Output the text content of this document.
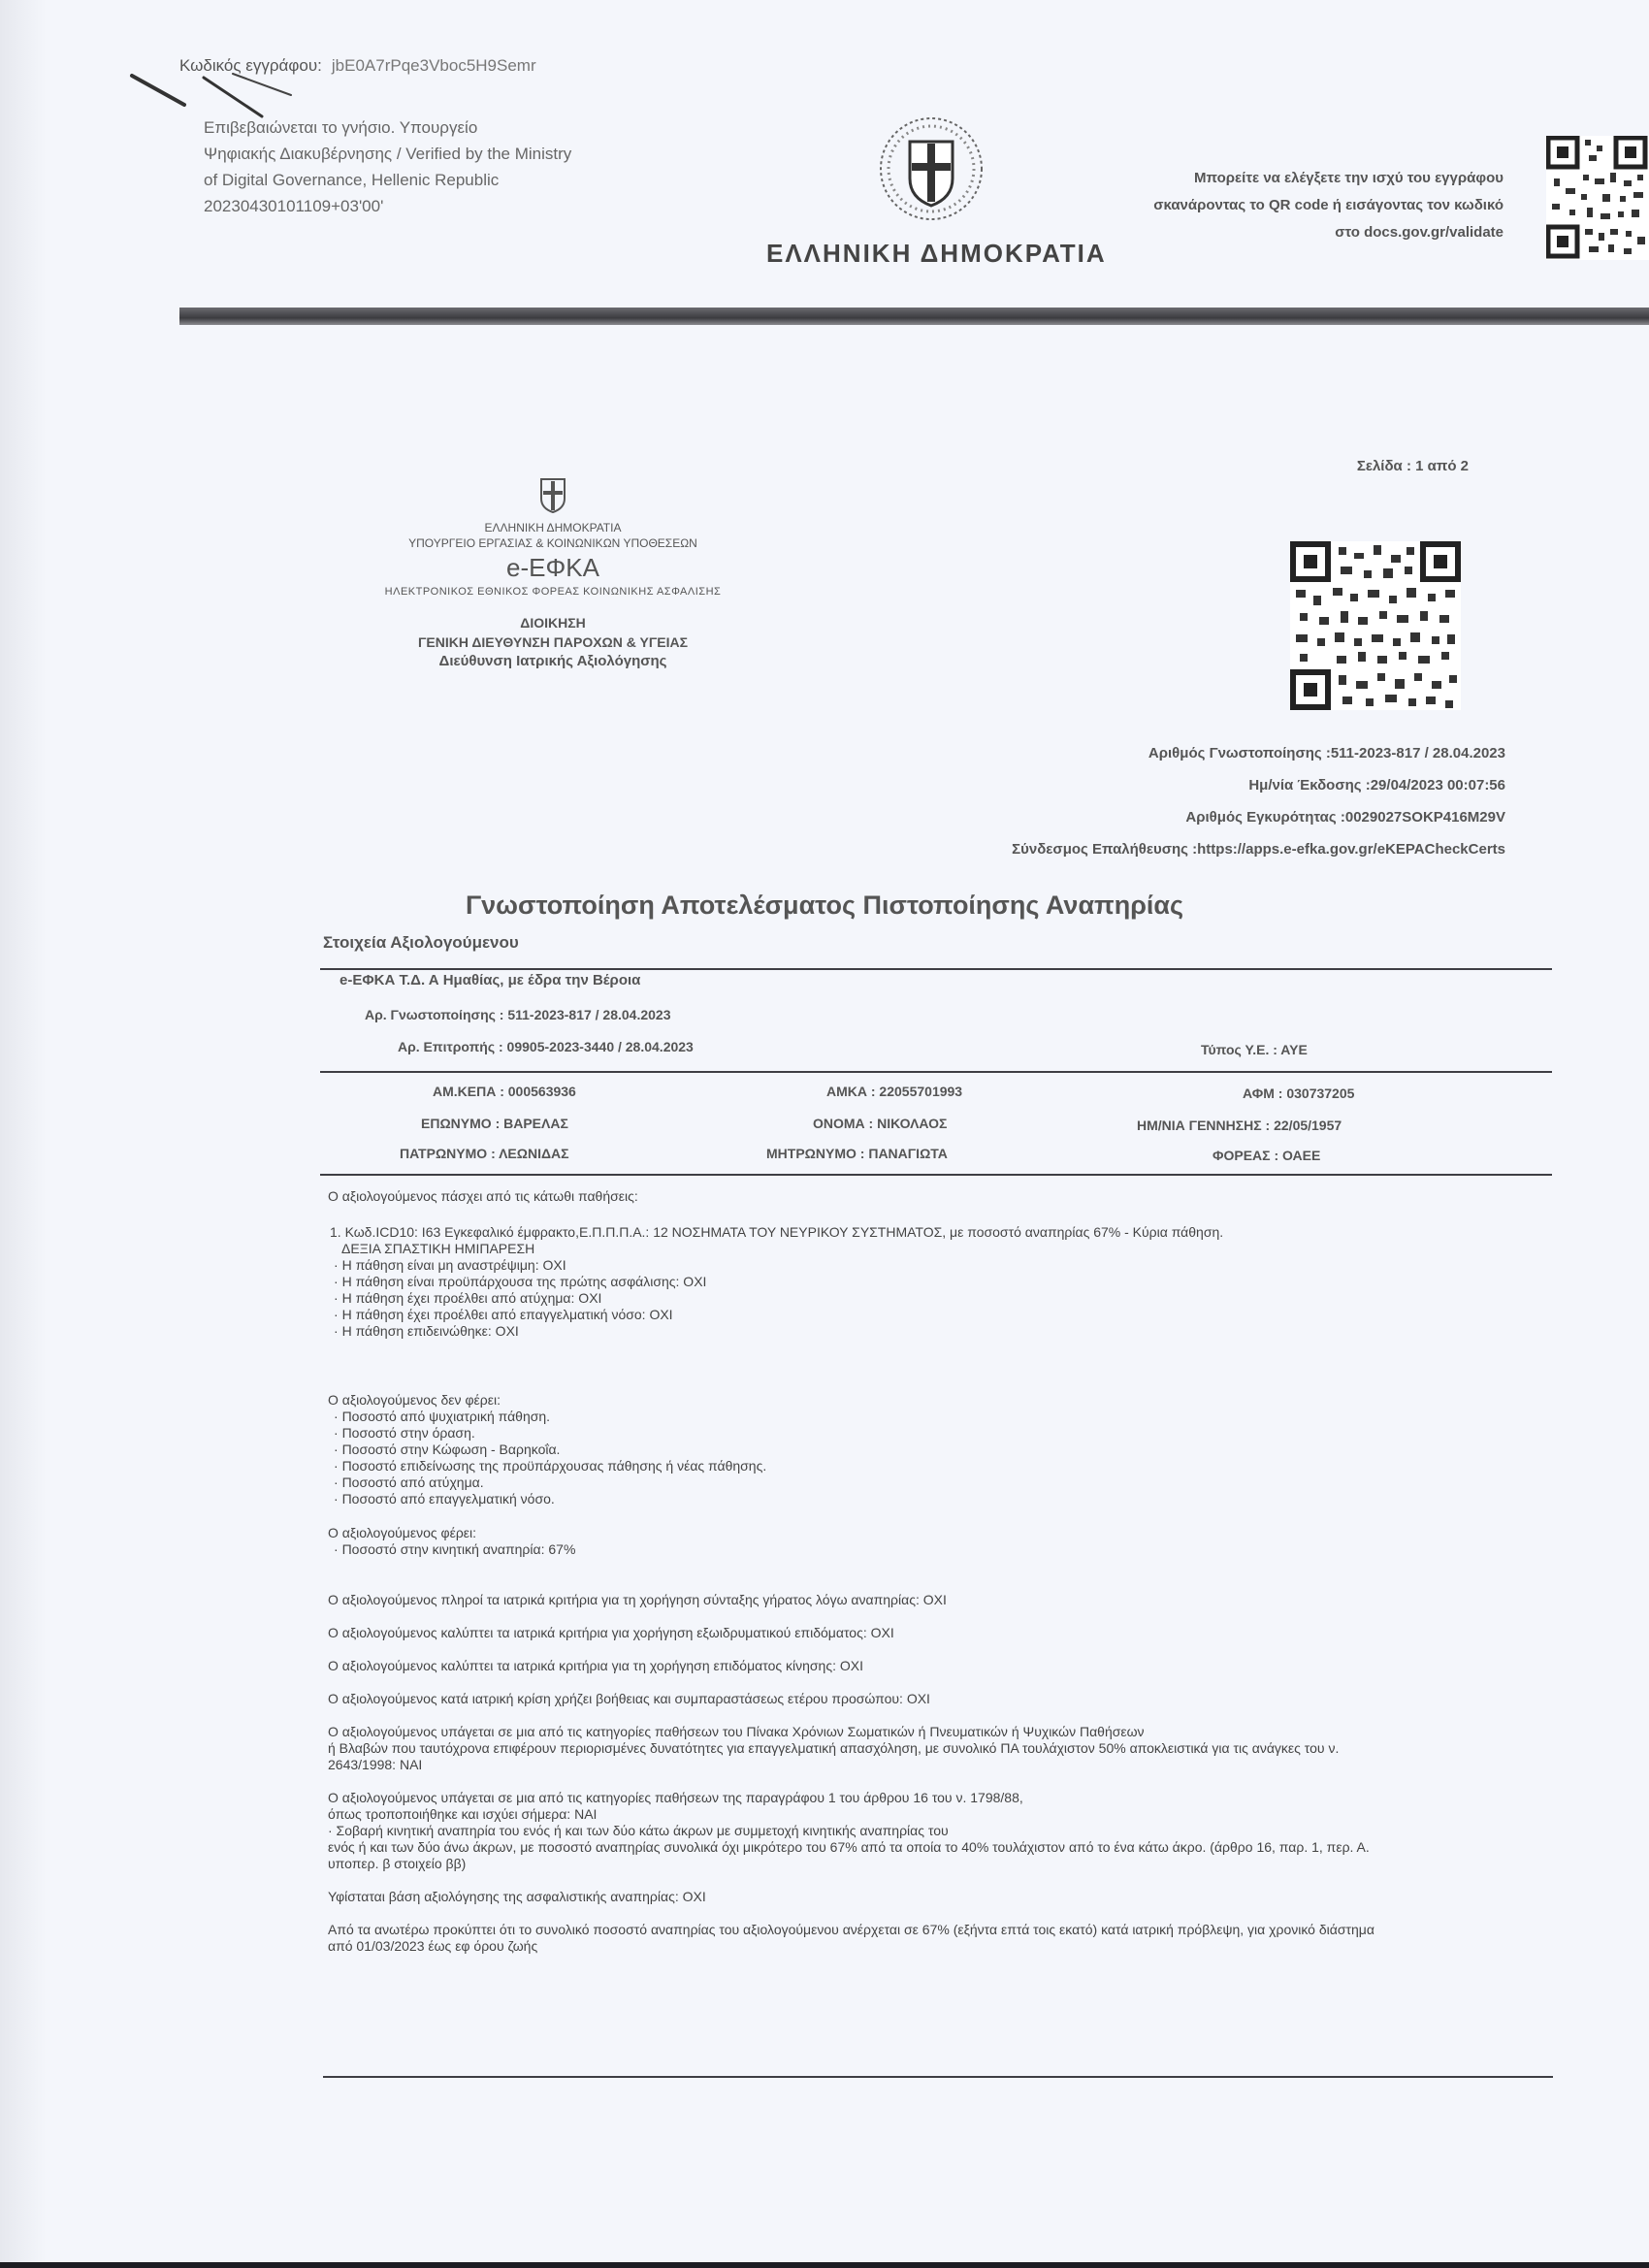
Κωδικός εγγράφου: jbE0A7rPqe3Vboc5H9Semr
Επιβεβαιώνεται το γνήσιο. Υπουργείο
Ψηφιακής Διακυβέρνησης / Verified by the Ministry
of Digital Governance, Hellenic Republic
20230430101109+03'00'
ΕΛΛΗΝΙΚΗ ΔΗΜΟΚΡΑΤΙΑ
Μπορείτε να ελέγξετε την ισχύ του εγγράφου
σκανάροντας το QR code ή εισάγοντας τον κωδικό
στο docs.gov.gr/validate
Σελίδα : 1 από 2
ΕΛΛΗΝΙΚΗ ΔΗΜΟΚΡΑΤΙΑ
ΥΠΟΥΡΓΕΙΟ ΕΡΓΑΣΙΑΣ & ΚΟΙΝΩΝΙΚΩΝ ΥΠΟΘΕΣΕΩΝ
e-ΕΦΚΑ
ΗΛΕΚΤΡΟΝΙΚΟΣ ΕΘΝΙΚΟΣ ΦΟΡΕΑΣ ΚΟΙΝΩΝΙΚΗΣ ΑΣΦΑΛΙΣΗΣ
ΔΙΟΙΚΗΣΗ
ΓΕΝΙΚΗ ΔΙΕΥΘΥΝΣΗ ΠΑΡΟΧΩΝ & ΥΓΕΙΑΣ
Διεύθυνση Ιατρικής Αξιολόγησης
Αριθμός Γνωστοποίησης :511-2023-817 / 28.04.2023
Ημ/νία Έκδοσης :29/04/2023 00:07:56
Αριθμός Εγκυρότητας :0029027SOKP416M29V
Σύνδεσμος Επαλήθευσης :https://apps.e-efka.gov.gr/eKEPACheckCerts
Γνωστοποίηση Αποτελέσματος Πιστοποίησης Αναπηρίας
Στοιχεία Αξιολογούμενου
e-ΕΦΚΑ Τ.Δ. Α Ημαθίας, με έδρα την Βέροια
Αρ. Γνωστοποίησης : 511-2023-817 / 28.04.2023
Αρ. Επιτροπής : 09905-2023-3440 / 28.04.2023	Τύπος Υ.Ε. : ΑΥΕ
ΑΜ.ΚΕΠΑ : 000563936	ΑΜΚΑ : 22055701993	ΑΦΜ : 030737205
ΕΠΩΝΥΜΟ : ΒΑΡΕΛΑΣ	ΟΝΟΜΑ : ΝΙΚΟΛΑΟΣ	ΗΜ/ΝΙΑ ΓΕΝΝΗΣΗΣ : 22/05/1957
ΠΑΤΡΩΝΥΜΟ : ΛΕΩΝΙΔΑΣ	ΜΗΤΡΩΝΥΜΟ : ΠΑΝΑΓΙΩΤΑ	ΦΟΡΕΑΣ : ΟΑΕΕ

Ο αξιολογούμενος πάσχει από τις κάτωθι παθήσεις:

1. Κωδ.ICD10: I63 Εγκεφαλικό έμφρακτο,Ε.Π.Π.Π.Α.: 12 ΝΟΣΗΜΑΤΑ ΤΟΥ ΝΕΥΡΙΚΟΥ ΣΥΣΤΗΜΑΤΟΣ, με ποσοστό αναπηρίας 67% - Κύρια πάθηση.

ΔΕΞΙΑ ΣΠΑΣΤΙΚΗ ΗΜΙΠΑΡΕΣΗ

· Η πάθηση είναι μη αναστρέψιμη: ΟΧΙ
· Η πάθηση είναι προϋπάρχουσα της πρώτης ασφάλισης: ΟΧΙ
· Η πάθηση έχει προέλθει από ατύχημα: ΟΧΙ
· Η πάθηση έχει προέλθει από επαγγελματική νόσο: ΟΧΙ
· Η πάθηση επιδεινώθηκε: ΟΧΙ

Ο αξιολογούμενος δεν φέρει:

· Ποσοστό από ψυχιατρική πάθηση.
· Ποσοστό στην όραση.
· Ποσοστό στην Κώφωση - Βαρηκοΐα.
· Ποσοστό επιδείνωσης της προϋπάρχουσας πάθησης ή νέας πάθησης.
· Ποσοστό από ατύχημα.
· Ποσοστό από επαγγελματική νόσο.

Ο αξιολογούμενος φέρει:

· Ποσοστό στην κινητική αναπηρία: 67%

Ο αξιολογούμενος πληροί τα ιατρικά κριτήρια για τη χορήγηση σύνταξης γήρατος λόγω αναπηρίας: ΟΧΙ

Ο αξιολογούμενος καλύπτει τα ιατρικά κριτήρια για χορήγηση εξωιδρυματικού επιδόματος: ΟΧΙ

Ο αξιολογούμενος καλύπτει τα ιατρικά κριτήρια για τη χορήγηση επιδόματος κίνησης: ΟΧΙ

Ο αξιολογούμενος κατά ιατρική κρίση χρήζει βοήθειας και συμπαραστάσεως ετέρου προσώπου: ΟΧΙ

Ο αξιολογούμενος υπάγεται σε μια από τις κατηγορίες παθήσεων του Πίνακα Χρόνιων Σωματικών ή Πνευματικών ή Ψυχικών Παθήσεων

ή Βλαβών που ταυτόχρονα επιφέρουν περιορισμένες δυνατότητες για επαγγελματική απασχόληση, με συνολικό ΠΑ τουλάχιστον 50% αποκλειστικά για τις ανάγκες του ν.

2643/1998: ΝΑΙ

Ο αξιολογούμενος υπάγεται σε μια από τις κατηγορίες παθήσεων της παραγράφου 1 του άρθρου 16 του ν. 1798/88,

όπως τροποποιήθηκε και ισχύει σήμερα: ΝΑΙ

· Σοβαρή κινητική αναπηρία του ενός ή και των δύο κάτω άκρων με συμμετοχή κινητικής αναπηρίας του

ενός ή και των δύο άνω άκρων, με ποσοστό αναπηρίας συνολικά όχι μικρότερο του 67% από τα οποία το 40% τουλάχιστον από το ένα κάτω άκρο. (άρθρο 16, παρ. 1, περ. Α.

υποπερ. β στοιχείο ββ)

Υφίσταται βάση αξιολόγησης της ασφαλιστικής αναπηρίας: ΟΧΙ

Από τα ανωτέρω προκύπτει ότι το συνολικό ποσοστό αναπηρίας του αξιολογούμενου ανέρχεται σε 67% (εξήντα επτά τοις εκατό) κατά ιατρική πρόβλεψη, για χρονικό διάστημα

από 01/03/2023 έως εφ όρου ζωής
